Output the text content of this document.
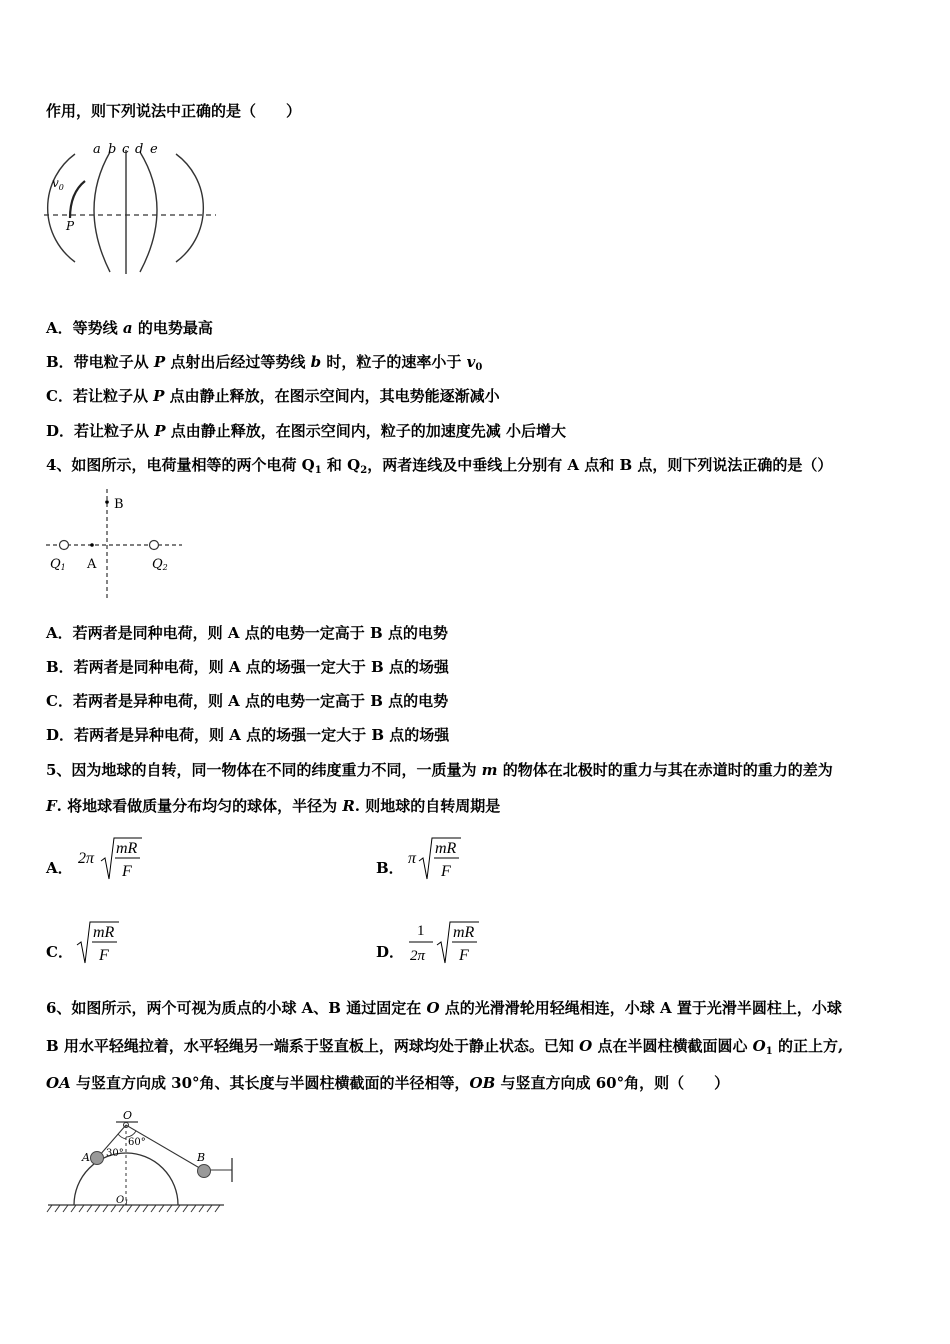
作用，则下列说法中正确的是（　　）
a b c d e
$v_0$
P
A．等势线 a 的电势最高
B．带电粒子从 P 点射出后经过等势线 b 时，粒子的速率小于 $v_0$
C．若让粒子从 P 点由静止释放，在图示空间内，其电势能逐渐减小
D．若让粒子从 P 点由静止释放，在图示空间内，粒子的加速度先减 小后增大
4、如图所示，电荷量相等的两个电荷 $Q_1$ 和 $Q_2$，两者连线及中垂线上分别有 A 点和 B 点，则下列说法正确的是（）
B
A
Q1	Q2
A．若两者是同种电荷，则 A 点的电势一定高于 B 点的电势
B．若两者是同种电荷，则 A 点的场强一定大于 B 点的场强
C．若两者是异种电荷，则 A 点的电势一定高于 B 点的电势
D．若两者是异种电荷，则 A 点的场强一定大于 B 点的场强
5、因为地球的自转，同一物体在不同的纬度重力不同，一质量为 m 的物体在北极时的重力与其在赤道时的重力的差为
F. 将地球看做质量分布均匀的球体，半径为 R. 则地球的自转周期是
A．
2π
mR
F	B．
π
mR
F
C．
mR
F	D．
1
2π
mR
F
6、如图所示，两个可视为质点的小球 A、B 通过固定在 O 点的光滑滑轮用轻绳相连，小球 A 置于光滑半圆柱上，小球
B 用水平轻绳拉着，水平轻绳另一端系于竖直板上，两球均处于静止状态。已知 O 点在半圆柱横截面圆心 $O_1$ 的正上方,
OA 与竖直方向成 30°角、其长度与半圆柱横截面的半径相等，OB 与竖直方向成 60°角，则（　　）
O
A	B
30°
60°
$O_1$
